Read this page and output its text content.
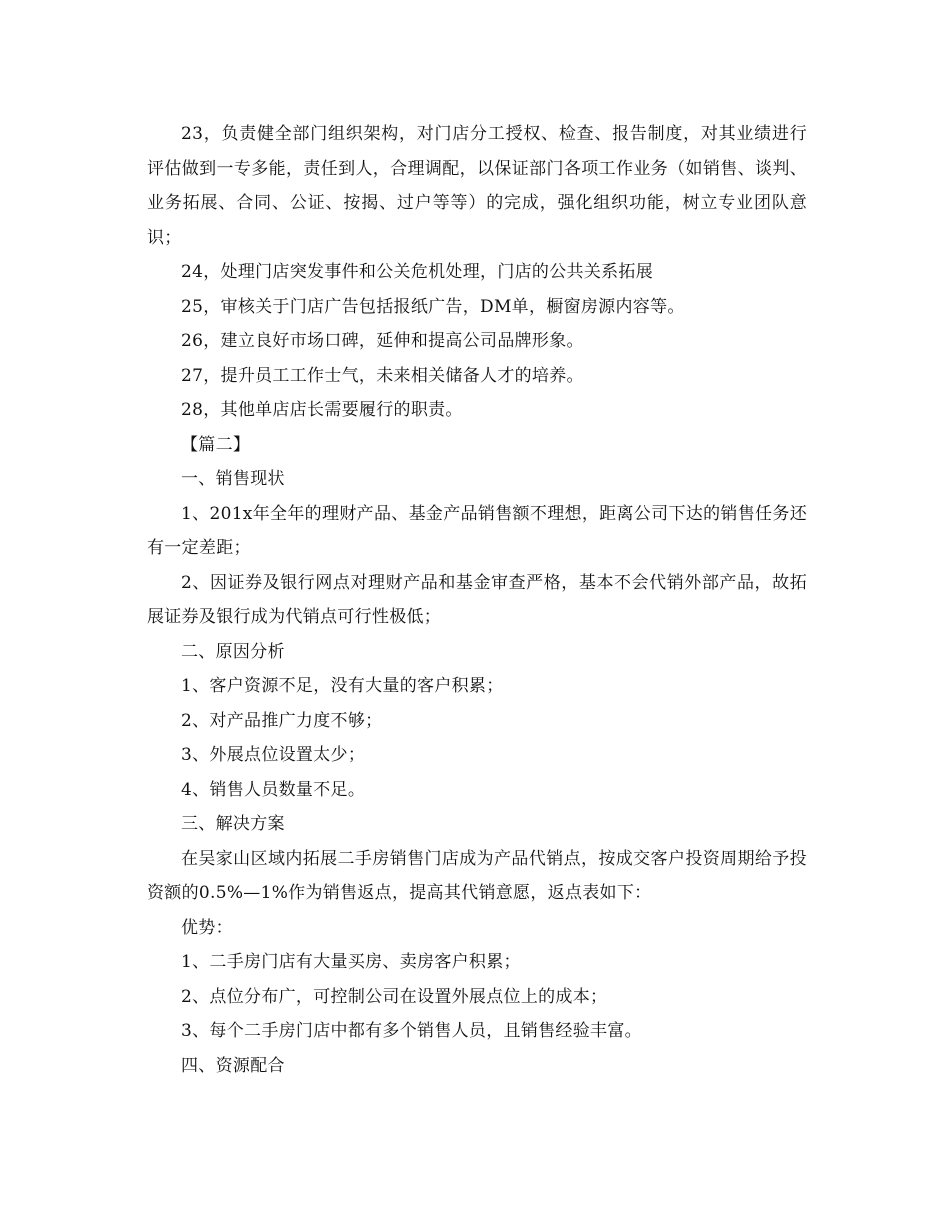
23，负责健全部门组织架构，对门店分工授权、检查、报告制度，对其业绩进行评估做到一专多能，责任到人，合理调配，以保证部门各项工作业务（如销售、谈判、业务拓展、合同、公证、按揭、过户等等）的完成，强化组织功能，树立专业团队意识；

24，处理门店突发事件和公关危机处理，门店的公共关系拓展

25，审核关于门店广告包括报纸广告，DM单，橱窗房源内容等。

26，建立良好市场口碑，延伸和提高公司品牌形象。

27，提升员工工作士气，未来相关储备人才的培养。

28，其他单店店长需要履行的职责。

【篇二】

一、销售现状

1、201x年全年的理财产品、基金产品销售额不理想，距离公司下达的销售任务还有一定差距；

2、因证券及银行网点对理财产品和基金审查严格，基本不会代销外部产品，故拓展证券及银行成为代销点可行性极低；

二、原因分析

1、客户资源不足，没有大量的客户积累；

2、对产品推广力度不够；

3、外展点位设置太少；

4、销售人员数量不足。

三、解决方案

在吴家山区域内拓展二手房销售门店成为产品代销点，按成交客户投资周期给予投资额的0.5%—1%作为销售返点，提高其代销意愿，返点表如下：

优势：

1、二手房门店有大量买房、卖房客户积累；

2、点位分布广，可控制公司在设置外展点位上的成本；

3、每个二手房门店中都有多个销售人员，且销售经验丰富。

四、资源配合
